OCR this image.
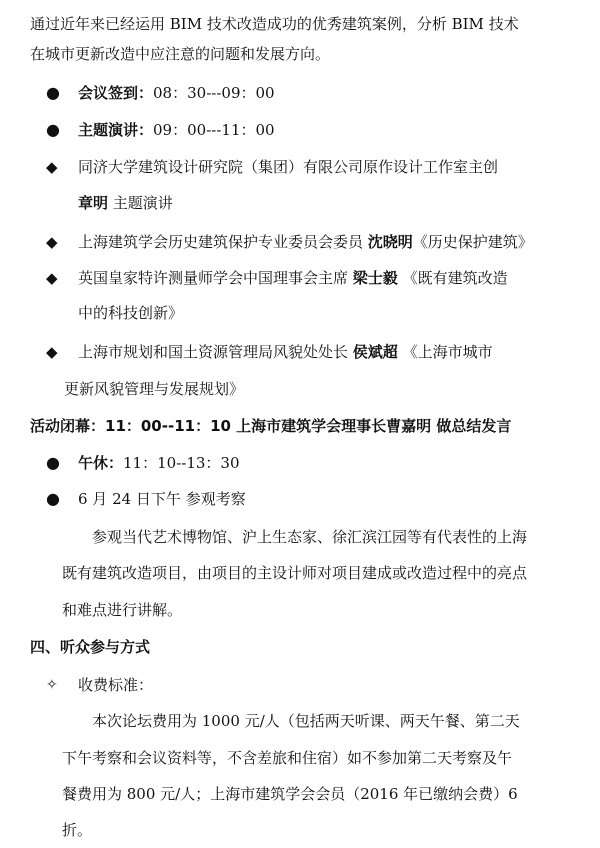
通过近年来已经运用 BIM 技术改造成功的优秀建筑案例，分析 BIM 技术
在城市更新改造中应注意的问题和发展方向。
● 会议签到：08：30---09：00
● 主题演讲：09：00---11：00
◆ 同济大学建筑设计研究院（集团）有限公司原作设计工作室主创
章明 主题演讲
◆ 上海建筑学会历史建筑保护专业委员会委员 沈晓明《历史保护建筑》
◆ 英国皇家特许测量师学会中国理事会主席 梁士毅 《既有建筑改造
中的科技创新》
◆ 上海市规划和国土资源管理局风貌处处长 侯斌超 《上海市城市
更新风貌管理与发展规划》
活动闭幕：11：00--11：10 上海市建筑学会理事长曹嘉明 做总结发言
● 午休：11：10--13：30
● 6 月 24 日下午 参观考察
参观当代艺术博物馆、沪上生态家、徐汇滨江园等有代表性的上海
既有建筑改造项目，由项目的主设计师对项目建成或改造过程中的亮点
和难点进行讲解。
四、听众参与方式
✧ 收费标准：
本次论坛费用为 1000 元/人（包括两天听课、两天午餐、第二天
下午考察和会议资料等，不含差旅和住宿）如不参加第二天考察及午
餐费用为 800 元/人；上海市建筑学会会员（2016 年已缴纳会费）6
折。
